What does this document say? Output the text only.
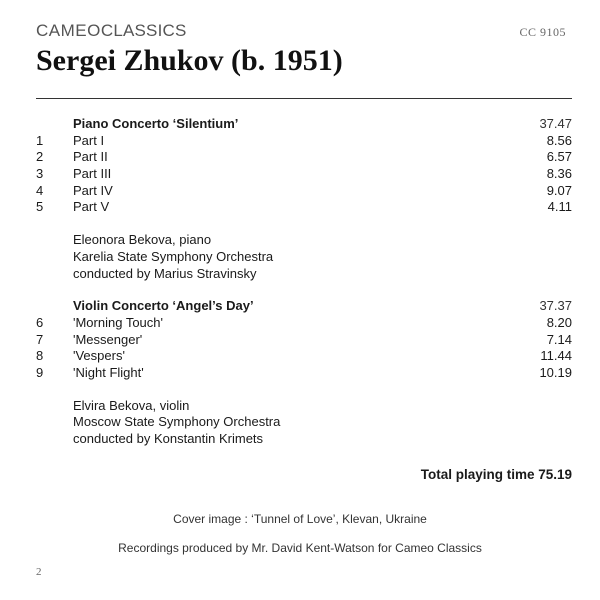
CAMEOCLASSICS	CC 9105
Sergei Zhukov (b. 1951)
Piano Concerto ‘Silentium’	37.47
1 Part I	8.56
2 Part II	6.57
3 Part III	8.36
4 Part IV	9.07
5 Part V	4.11
Eleonora Bekova, piano
Karelia State Symphony Orchestra
conducted by Marius Stravinsky
Violin Concerto ‘Angel’s Day’	37.37
6 'Morning Touch'	8.20
7 'Messenger'	7.14
8 'Vespers'	11.44
9 'Night Flight'	10.19
Elvira Bekova, violin
Moscow State Symphony Orchestra
conducted by Konstantin Krimets
Total playing time 75.19
Cover image : ‘Tunnel of Love’, Klevan, Ukraine
Recordings produced by Mr. David Kent-Watson for Cameo Classics
2
